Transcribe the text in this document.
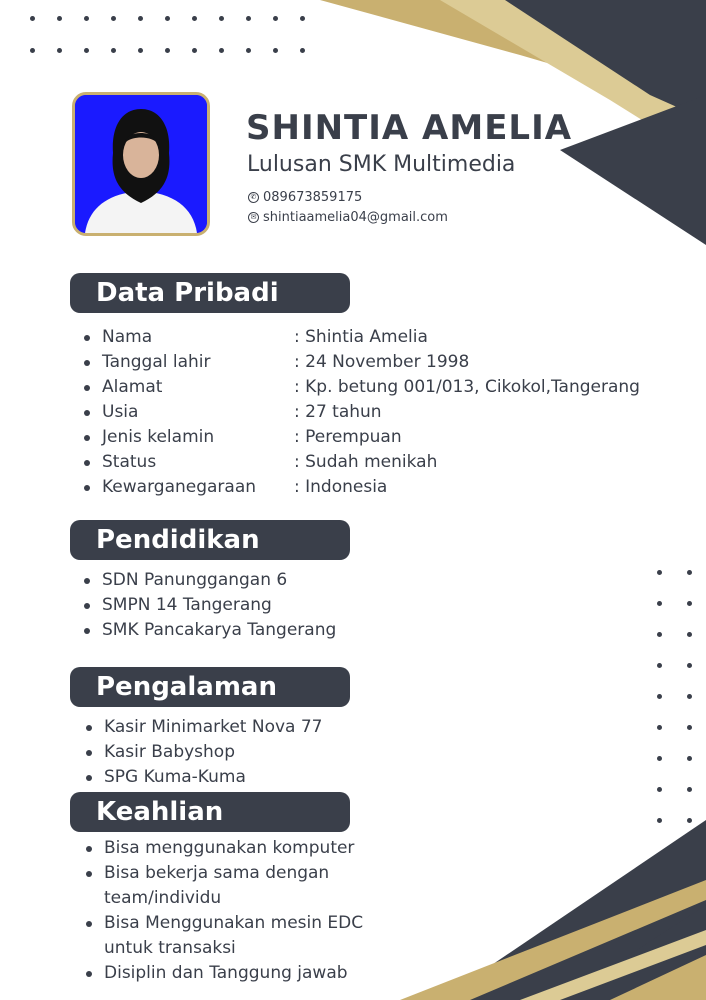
SHINTIA AMELIA
Lulusan SMK Multimedia
✆ 089673859175
✉ shintiaamelia04@gmail.com
Data Pribadi
Nama	: Shintia Amelia
Tanggal lahir	: 24 November 1998
Alamat	: Kp. betung 001/013, Cikokol,Tangerang
Usia	: 27 tahun
Jenis kelamin	: Perempuan
Status	: Sudah menikah
Kewarganegaraan : Indonesia
Pendidikan
SDN Panunggangan 6
SMPN 14 Tangerang
SMK Pancakarya Tangerang
Pengalaman
Kasir Minimarket Nova 77
Kasir Babyshop
SPG Kuma-Kuma
Keahlian
Bisa menggunakan komputer
Bisa bekerja sama dengan team/individu
Bisa Menggunakan mesin EDC untuk transaksi
Disiplin dan Tanggung jawab
